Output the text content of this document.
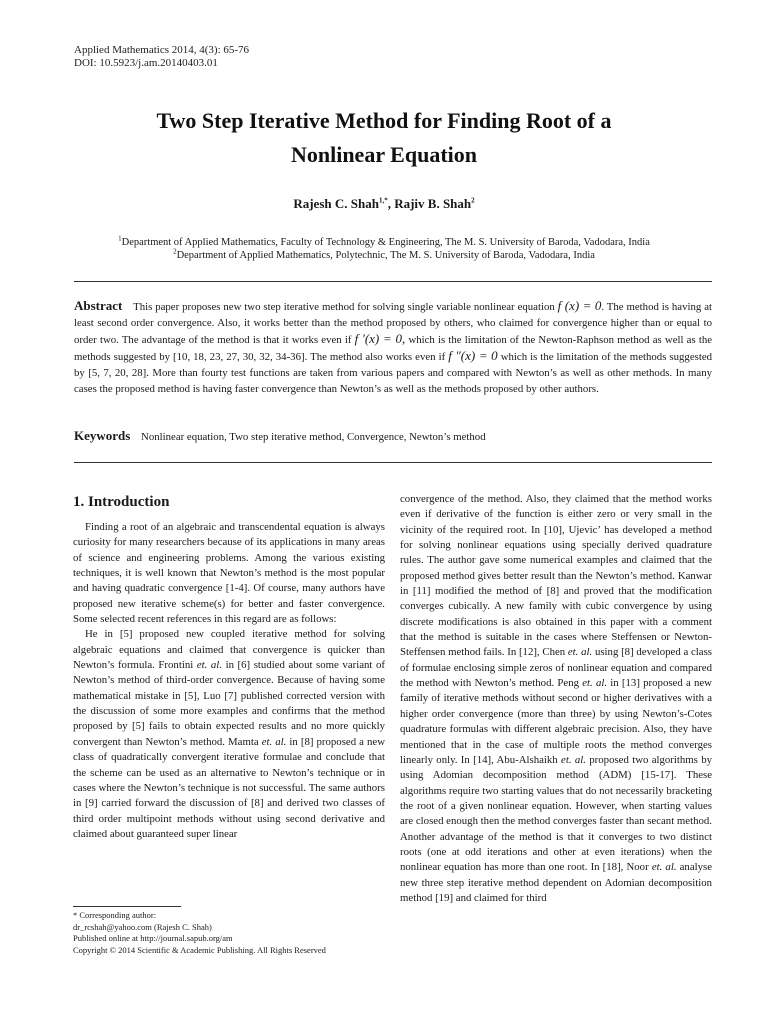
Applied Mathematics 2014, 4(3): 65-76
DOI: 10.5923/j.am.20140403.01
Two Step Iterative Method for Finding Root of a
Nonlinear Equation
Rajesh C. Shah$^{1,*}$, Rajiv B. Shah$^2$
$^1$Department of Applied Mathematics, Faculty of Technology & Engineering, The M. S. University of Baroda, Vadodara, India
$^2$Department of Applied Mathematics, Polytechnic, The M. S. University of Baroda, Vadodara, India
Abstract This paper proposes new two step iterative method for solving single variable nonlinear equation f (x) = 0. The method is having at least second order convergence. Also, it works better than the method proposed by others, who claimed for convergence higher than or equal to order two. The advantage of the method is that it works even if f ′(x) = 0, which is the limitation of the Newton-Raphson method as well as the methods suggested by [10, 18, 23, 27, 30, 32, 34-36]. The method also works even if f ″(x) = 0 which is the limitation of the methods suggested by [5, 7, 20, 28]. More than fourty test functions are taken from various papers and compared with Newton’s as well as other methods. In many cases the proposed method is having faster convergence than Newton’s as well as the methods proposed by other authors.
Keywords Nonlinear equation, Two step iterative method, Convergence, Newton’s method
1. Introduction

Finding a root of an algebraic and transcendental equation is always curiosity for many researchers because of its applications in many areas of science and engineering problems. Among the various existing techniques, it is well known that Newton’s method is the most popular and having quadratic convergence [1-4]. Of course, many authors have proposed new iterative scheme(s) for better and faster convergence. Some selected recent references in this regard are as follows:

He in [5] proposed new coupled iterative method for solving algebraic equations and claimed that convergence is quicker than Newton’s formula. Frontini et. al. in [6] studied about some variant of Newton’s method of third-order convergence. Because of having some mathematical mistake in [5], Luo [7] published corrected version with the discussion of some more examples and confirms that the method proposed by [5] fails to obtain expected results and no more quickly convergent than Newton’s method. Mamta et. al. in [8] proposed a new class of quadratically convergent iterative formulae and conclude that the scheme can be used as an alternative to Newton’s technique or in cases where the Newton’s technique is not successful. The same authors in [9] carried forward the discussion of [8] and derived two classes of third order multipoint methods without using second derivative and claimed about guaranteed super linear

convergence of the method. Also, they claimed that the method works even if derivative of the function is either zero or very small in the vicinity of the required root. In [10], Ujevic’ has developed a method for solving nonlinear equations using specially derived quadrature rules. The author gave some numerical examples and claimed that the proposed method gives better result than the Newton’s method. Kanwar in [11] modified the method of [8] and proved that the modification converges cubically. A new family with cubic convergence by using discrete modifications is also obtained in this paper with a comment that the method is suitable in the cases where Steffensen or Newton-Steffensen method fails. In [12], Chen et. al. using [8] developed a class of formulae enclosing simple zeros of nonlinear equation and compared the method with Newton’s method. Peng et. al. in [13] proposed a new family of iterative methods without second or higher derivatives with a higher order convergence (more than three) by using Newton’s-Cotes quadrature formulas with different algebraic precision. Also, they have mentioned that in the case of multiple roots the method converges linearly only. In [14], Abu-Alshaikh et. al. proposed two algorithms by using Adomian decomposition method (ADM) [15-17]. These algorithms require two starting values that do not necessarily bracketing the root of a given nonlinear equation. However, when starting values are closed enough then the method converges faster than secant method. Another advantage of the method is that it converges to two distinct roots (one at odd iterations and other at even iterations) when the nonlinear equation has more than one root. In [18], Noor et. al. analyse new three step iterative method dependent on Adomian decomposition method [19] and claimed for third

* Corresponding author:
dr_rcshah@yahoo.com (Rajesh C. Shah)
Published online at http://journal.sapub.org/am
Copyright © 2014 Scientific & Academic Publishing. All Rights Reserved
